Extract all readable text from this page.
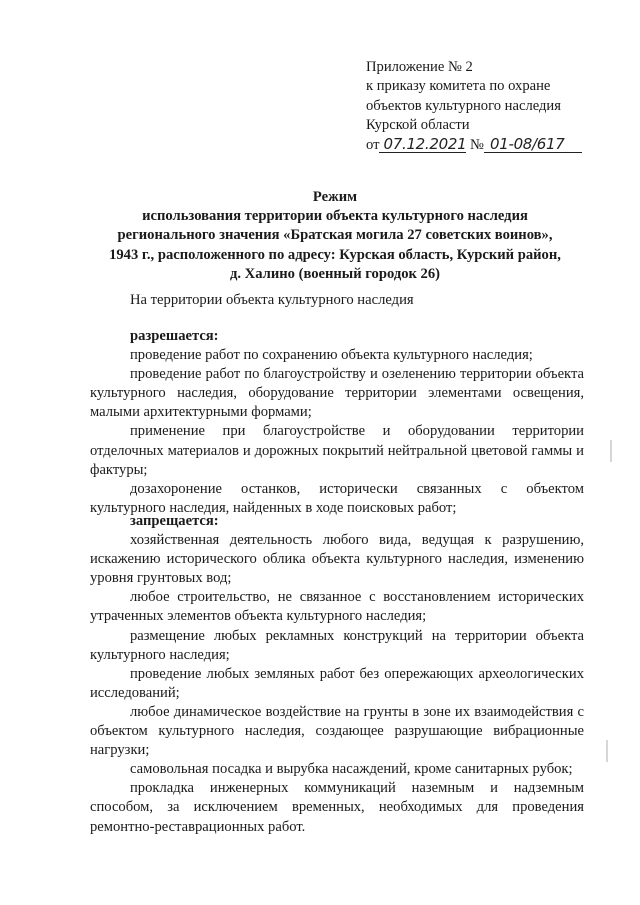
Приложение № 2
к приказу комитета по охране
объектов культурного наследия
Курской области
от 07.12.2021 № 01-08/617
Режим
использования территории объекта культурного наследия
регионального значения «Братская могила 27 советских воинов»,
1943 г., расположенного по адресу: Курская область, Курский район,
д. Халино (военный городок 26)
На территории объекта культурного наследия
разрешается:

проведение работ по сохранению объекта культурного наследия;

проведение работ по благоустройству и озеленению территории объекта культурного наследия, оборудование территории элементами освещения, малыми архитектурными формами;

применение при благоустройстве и оборудовании территории отделочных материалов и дорожных покрытий нейтральной цветовой гаммы и фактуры;

дозахоронение останков, исторически связанных с объектом культурного наследия, найденных в ходе поисковых работ;

запрещается:

хозяйственная деятельность любого вида, ведущая к разрушению, искажению исторического облика объекта культурного наследия, изменению уровня грунтовых вод;

любое строительство, не связанное с восстановлением исторических утраченных элементов объекта культурного наследия;

размещение любых рекламных конструкций на территории объекта культурного наследия;

проведение любых земляных работ без опережающих археологических исследований;

любое динамическое воздействие на грунты в зоне их взаимодействия с объектом культурного наследия, создающее разрушающие вибрационные нагрузки;

самовольная посадка и вырубка насаждений, кроме санитарных рубок;

прокладка инженерных коммуникаций наземным и надземным способом, за исключением временных, необходимых для проведения ремонтно-реставрационных работ.
